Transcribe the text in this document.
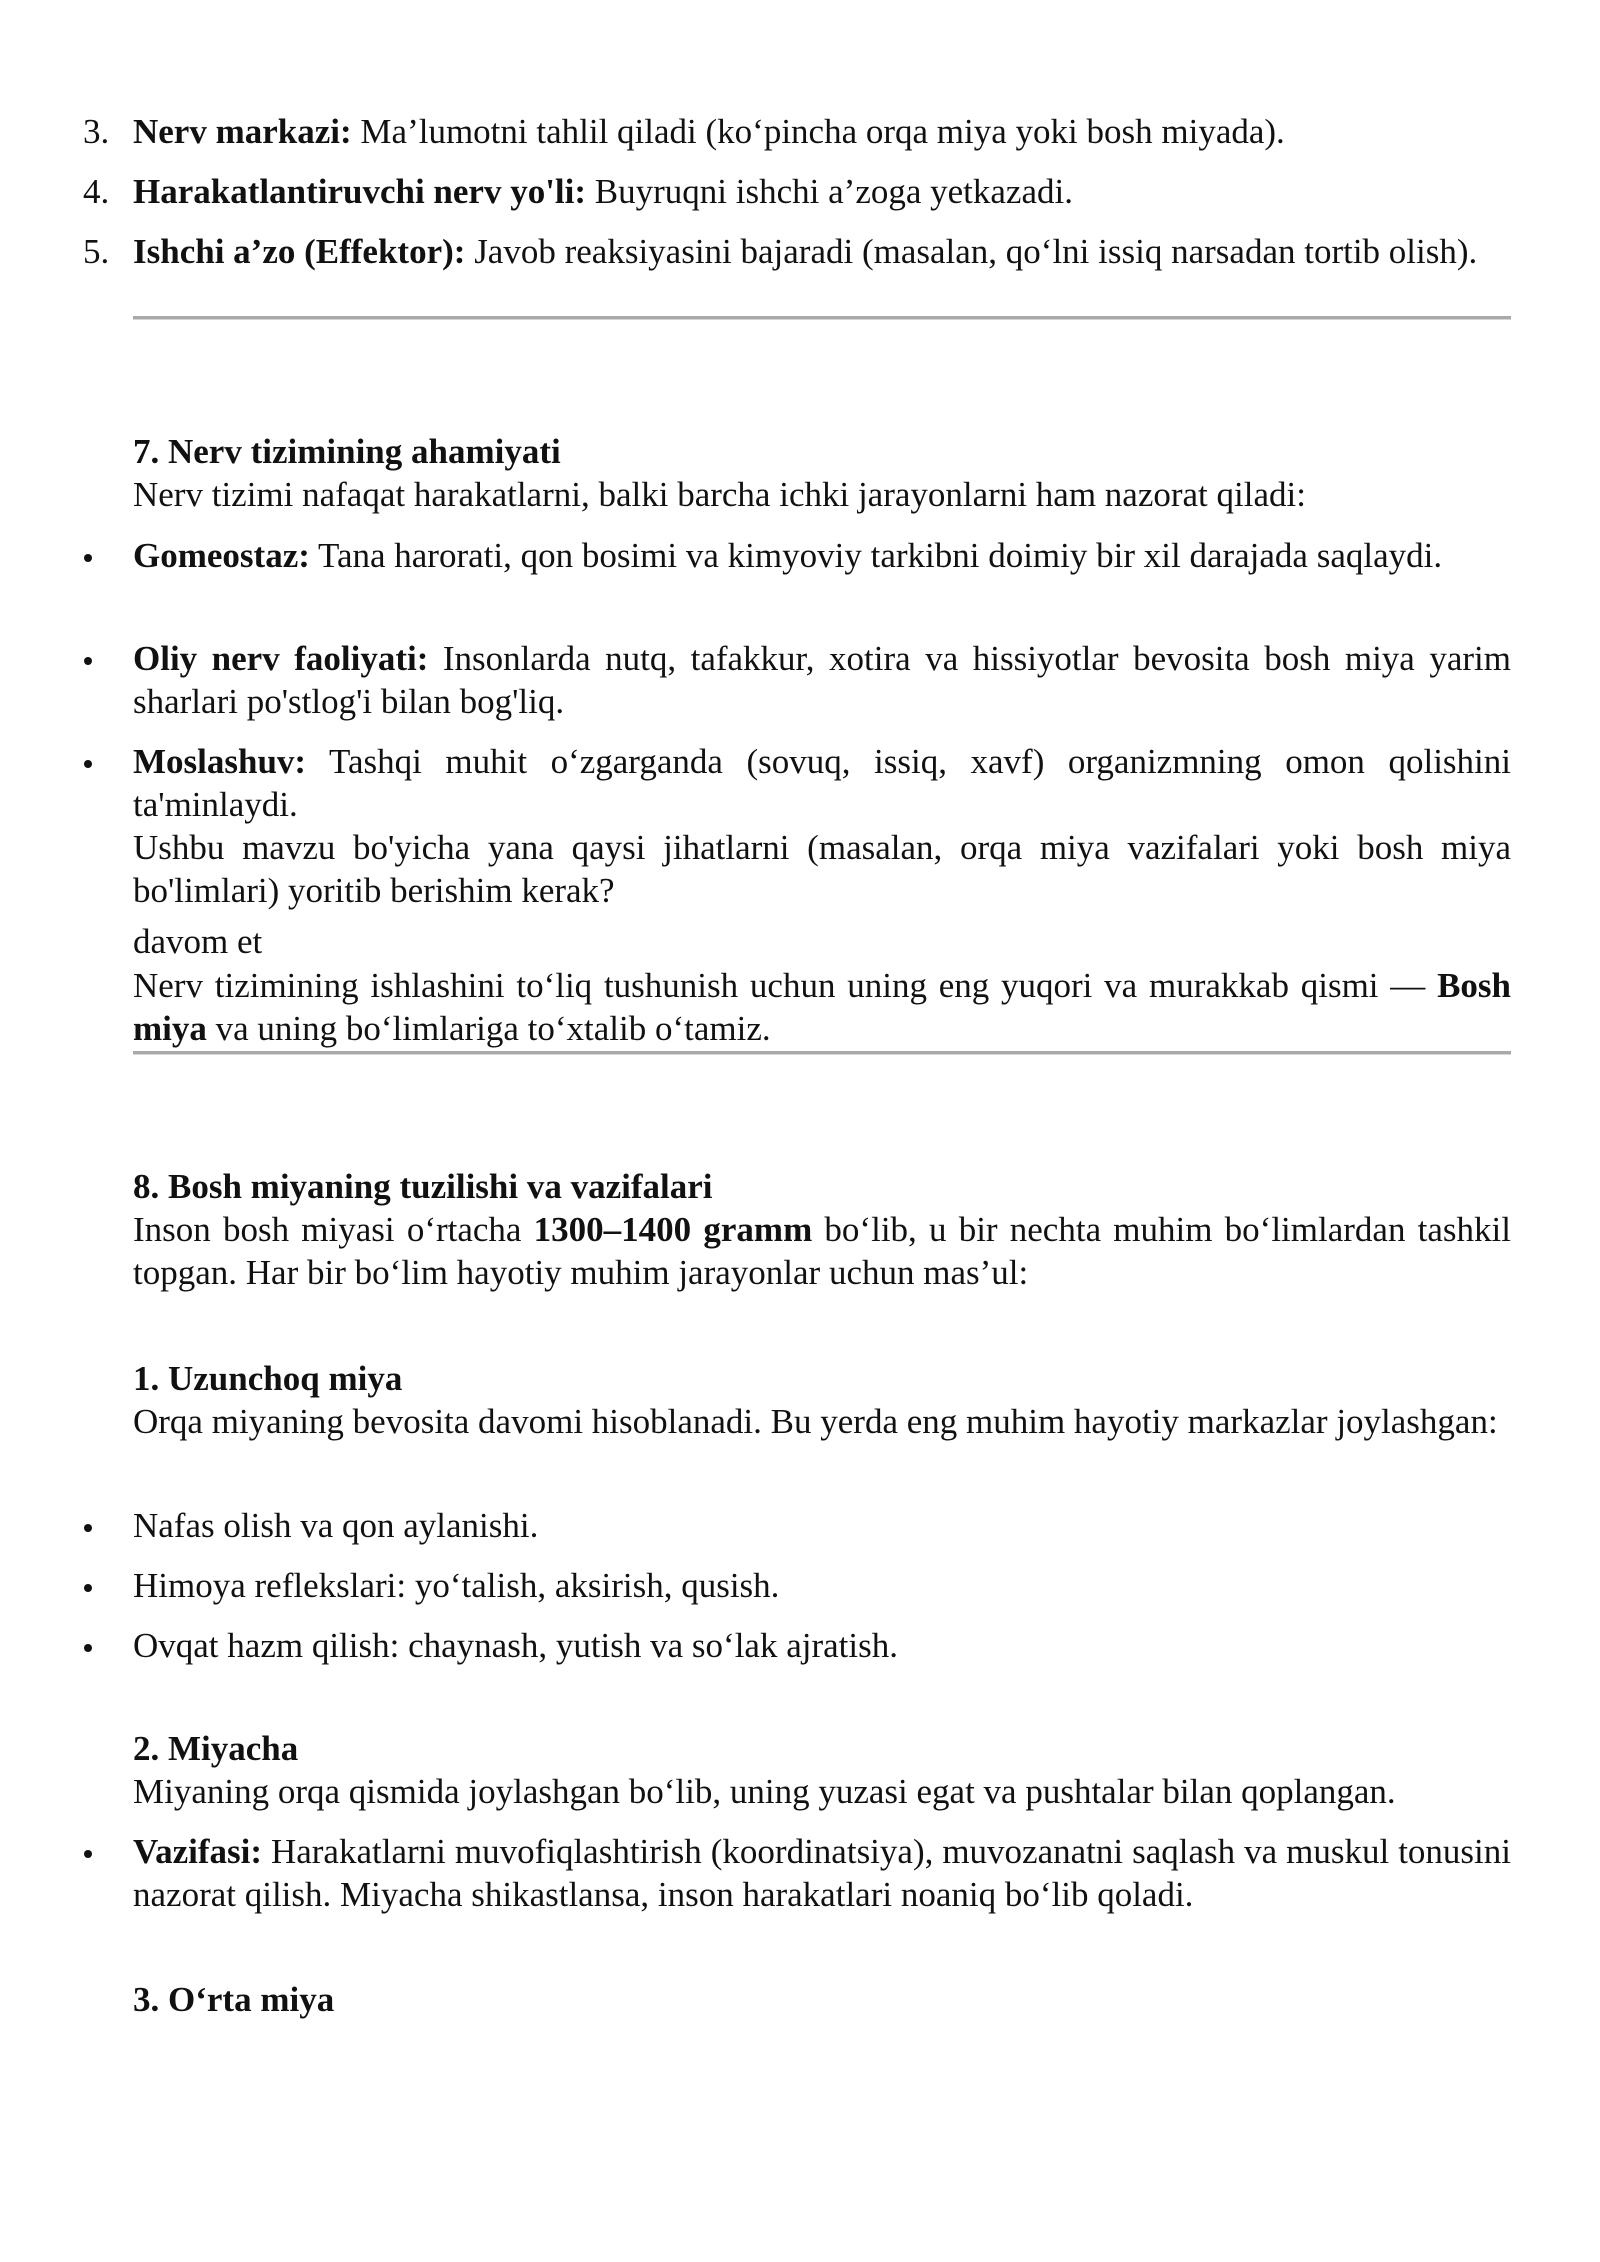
3. Nerv markazi: Ma’lumotni tahlil qiladi (ko‘pincha orqa miya yoki bosh miyada).

4. Harakatlantiruvchi nerv yo'li: Buyruqni ishchi a’zoga yetkazadi.

5. Ishchi a’zo (Effektor): Javob reaksiyasini bajaradi (masalan, qo‘lni issiq narsadan tortib olish).

7. Nerv tizimining ahamiyati

Nerv tizimi nafaqat harakatlarni, balki barcha ichki jarayonlarni ham nazorat qiladi:

Gomeostaz: Tana harorati, qon bosimi va kimyoviy tarkibni doimiy bir xil darajada saqlaydi.

Oliy nerv faoliyati: Insonlarda nutq, tafakkur, xotira va hissiyotlar bevosita bosh miya yarim sharlari po'stlog'i bilan bog'liq.

Moslashuv: Tashqi muhit o‘zgarganda (sovuq, issiq, xavf) organizmning omon qolishini ta'minlaydi.

Ushbu mavzu bo'yicha yana qaysi jihatlarni (masalan, orqa miya vazifalari yoki bosh miya bo'limlari) yoritib berishim kerak?

davom et

Nerv tizimining ishlashini to‘liq tushunish uchun uning eng yuqori va murakkab qismi — Bosh miya va uning bo‘limlariga to‘xtalib o‘tamiz.

8. Bosh miyaning tuzilishi va vazifalari

Inson bosh miyasi o‘rtacha 1300–1400 gramm bo‘lib, u bir nechta muhim bo‘limlardan tashkil topgan. Har bir bo‘lim hayotiy muhim jarayonlar uchun mas’ul:

1. Uzunchoq miya

Orqa miyaning bevosita davomi hisoblanadi. Bu yerda eng muhim hayotiy markazlar joylashgan:

Nafas olish va qon aylanishi.

Himoya reflekslari: yo‘talish, aksirish, qusish.

Ovqat hazm qilish: chaynash, yutish va so‘lak ajratish.

2. Miyacha

Miyaning orqa qismida joylashgan bo‘lib, uning yuzasi egat va pushtalar bilan qoplangan.

Vazifasi: Harakatlarni muvofiqlashtirish (koordinatsiya), muvozanatni saqlash va muskul tonusini nazorat qilish. Miyacha shikastlansa, inson harakatlari noaniq bo‘lib qoladi.

3. O‘rta miya
